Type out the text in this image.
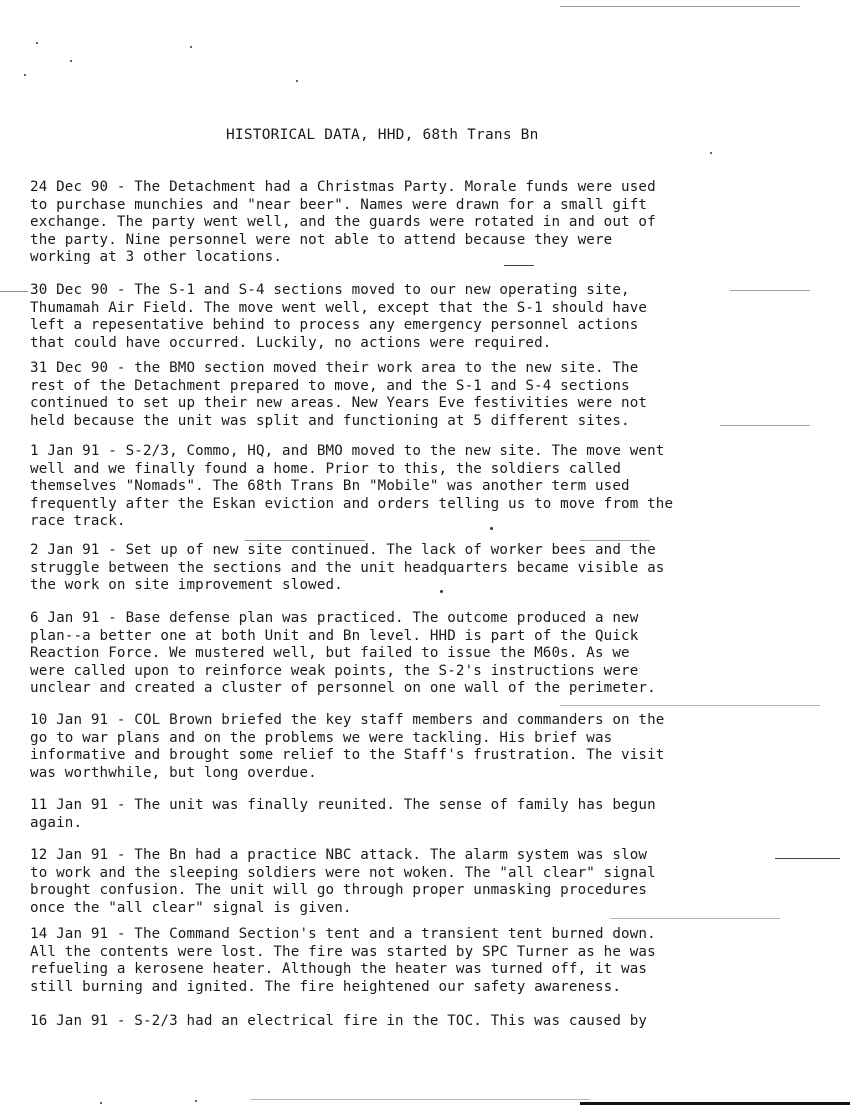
HISTORICAL DATA, HHD, 68th Trans Bn
24 Dec 90 - The Detachment had a Christmas Party. Morale funds were used
to purchase munchies and "near beer". Names were drawn for a small gift
exchange. The party went well, and the guards were rotated in and out of
the party. Nine personnel were not able to attend because they were
working at 3 other locations.
30 Dec 90 - The S-1 and S-4 sections moved to our new operating site,
Thumamah Air Field. The move went well, except that the S-1 should have
left a repesentative behind to process any emergency personnel actions
that could have occurred. Luckily, no actions were required.
31 Dec 90 - the BMO section moved their work area to the new site. The
rest of the Detachment prepared to move, and the S-1 and S-4 sections
continued to set up their new areas. New Years Eve festivities were not
held because the unit was split and functioning at 5 different sites.
1 Jan 91 - S-2/3, Commo, HQ, and BMO moved to the new site. The move went
well and we finally found a home. Prior to this, the soldiers called
themselves "Nomads". The 68th Trans Bn "Mobile" was another term used
frequently after the Eskan eviction and orders telling us to move from the
race track.
2 Jan 91 - Set up of new site continued. The lack of worker bees and the
struggle between the sections and the unit headquarters became visible as
the work on site improvement slowed.
6 Jan 91 - Base defense plan was practiced. The outcome produced a new
plan--a better one at both Unit and Bn level. HHD is part of the Quick
Reaction Force. We mustered well, but failed to issue the M60s. As we
were called upon to reinforce weak points, the S-2's instructions were
unclear and created a cluster of personnel on one wall of the perimeter.
10 Jan 91 - COL Brown briefed the key staff members and commanders on the
go to war plans and on the problems we were tackling. His brief was
informative and brought some relief to the Staff's frustration. The visit
was worthwhile, but long overdue.
11 Jan 91 - The unit was finally reunited. The sense of family has begun
again.
12 Jan 91 - The Bn had a practice NBC attack. The alarm system was slow
to work and the sleeping soldiers were not woken. The "all clear" signal
brought confusion. The unit will go through proper unmasking procedures
once the "all clear" signal is given.
14 Jan 91 - The Command Section's tent and a transient tent burned down.
All the contents were lost. The fire was started by SPC Turner as he was
refueling a kerosene heater. Although the heater was turned off, it was
still burning and ignited. The fire heightened our safety awareness.
16 Jan 91 - S-2/3 had an electrical fire in the TOC. This was caused by
